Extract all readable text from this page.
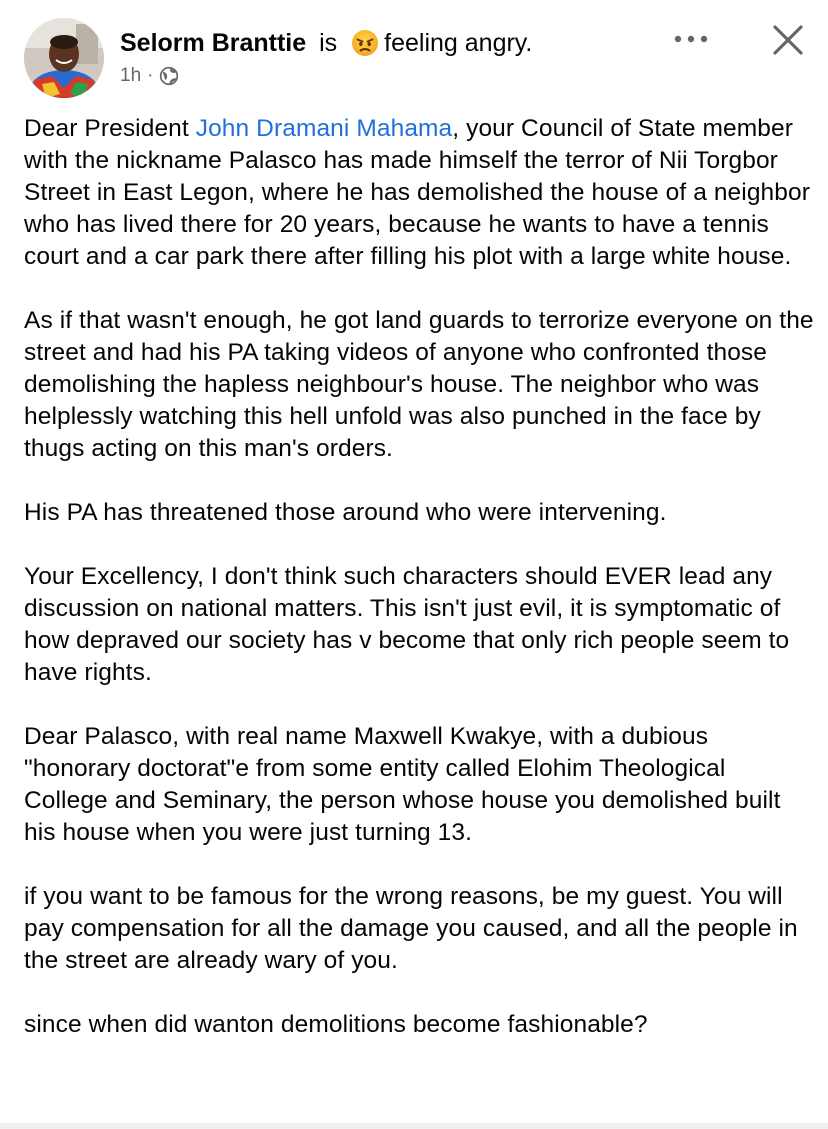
Selorm Branttie is feeling angry.
1h ·

Dear President John Dramani Mahama, your Council of State member with the nickname Palasco has made himself the terror of Nii Torgbor Street in East Legon, where he has demolished the house of a neighbor who has lived there for 20 years, because he wants to have a tennis court and a car park there after filling his plot with a large white house.

As if that wasn't enough, he got land guards to terrorize everyone on the street and had his PA taking videos of anyone who confronted those demolishing the hapless neighbour's house. The neighbor who was helplessly watching this hell unfold was also punched in the face by thugs acting on this man's orders.

His PA has threatened those around who were intervening.

Your Excellency, I don't think such characters should EVER lead any discussion on national matters. This isn't just evil, it is symptomatic of how depraved our society has v become that only rich people seem to have rights.

Dear Palasco, with real name Maxwell Kwakye, with a dubious "honorary doctorat"e from some entity called Elohim Theological College and Seminary, the person whose house you demolished built his house when you were just turning 13.

if you want to be famous for the wrong reasons, be my guest. You will pay compensation for all the damage you caused, and all the people in the street are already wary of you.

since when did wanton demolitions become fashionable?
